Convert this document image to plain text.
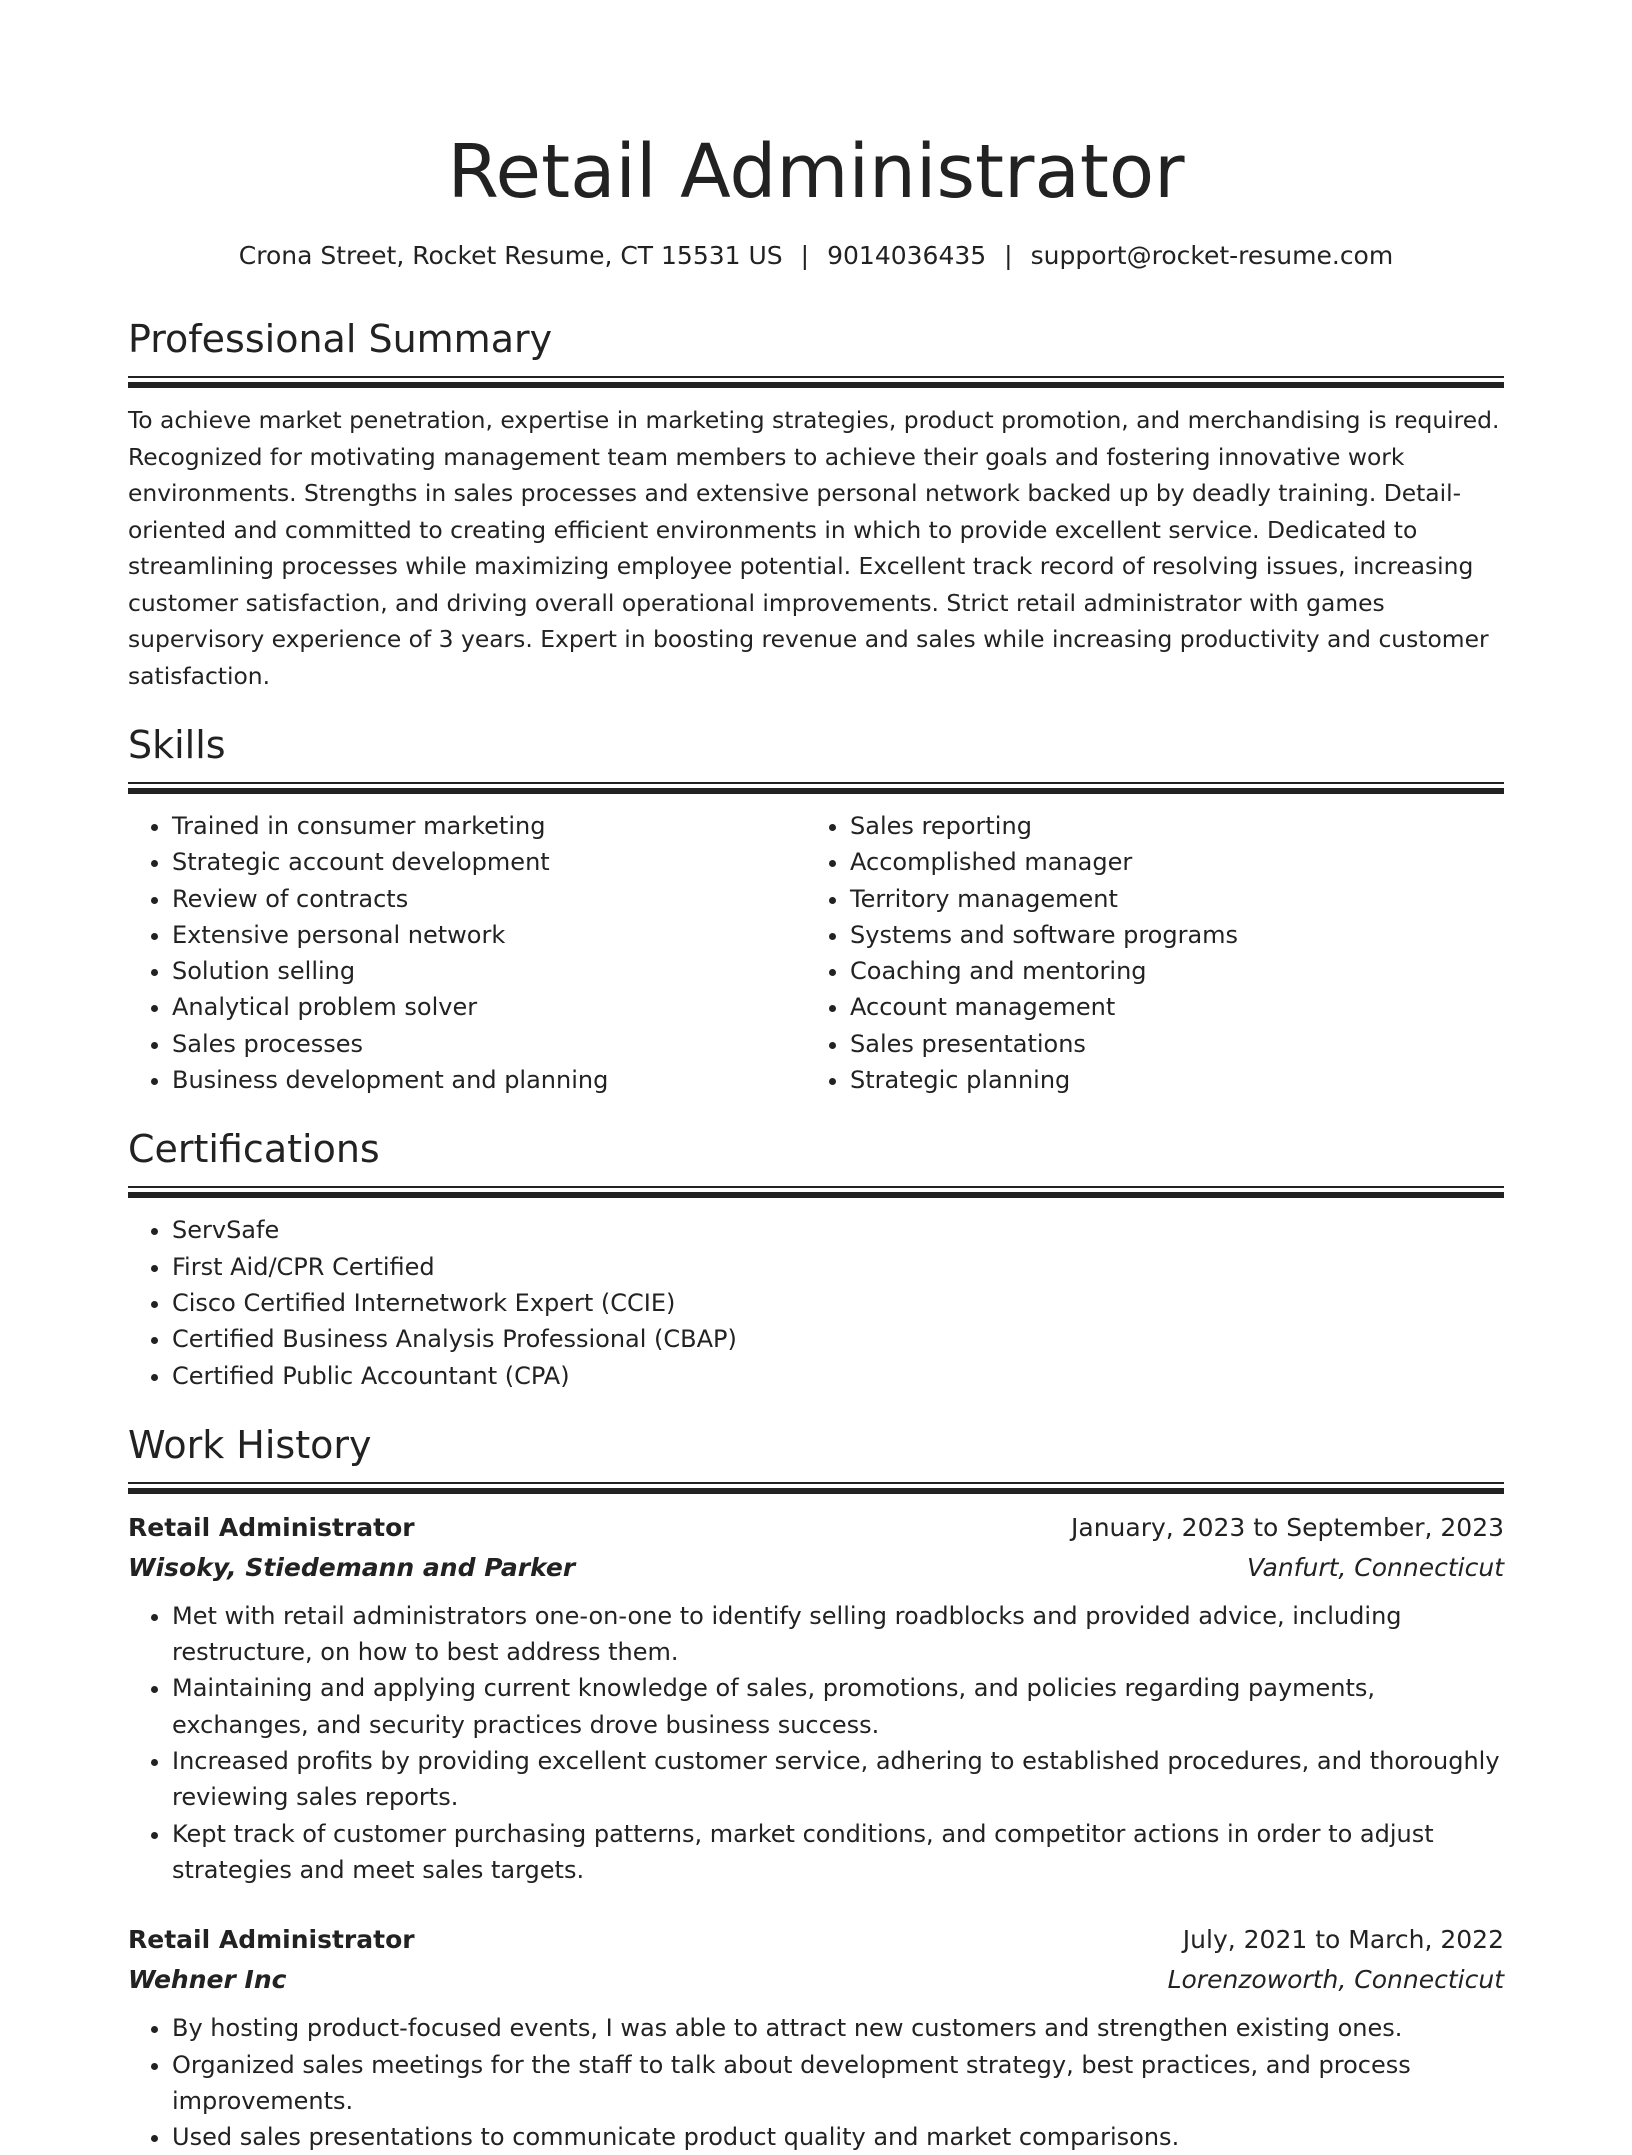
Retail Administrator
Crona Street, Rocket Resume, CT 15531 US | 9014036435 | support@rocket-resume.com
Professional Summary

To achieve market penetration, expertise in marketing strategies, product promotion, and merchandising is required. Recognized for motivating management team members to achieve their goals and fostering innovative work environments. Strengths in sales processes and extensive personal network backed up by deadly training. Detail-oriented and committed to creating efficient environments in which to provide excellent service. Dedicated to streamlining processes while maximizing employee potential. Excellent track record of resolving issues, increasing customer satisfaction, and driving overall operational improvements. Strict retail administrator with games supervisory experience of 3 years. Expert in boosting revenue and sales while increasing productivity and customer satisfaction.

Skills
• Trained in consumer marketing
• Strategic account development
• Review of contracts
• Extensive personal network
• Solution selling
• Analytical problem solver
• Sales processes
• Business development and planning
• Sales reporting
• Accomplished manager
• Territory management
• Systems and software programs
• Coaching and mentoring
• Account management
• Sales presentations
• Strategic planning
Certifications
• ServSafe
• First Aid/CPR Certified
• Cisco Certified Internetwork Expert (CCIE)
• Certified Business Analysis Professional (CBAP)
• Certified Public Accountant (CPA)
Work History
Retail Administrator	January, 2023 to September, 2023
Wisoky, Stiedemann and Parker	Vanfurt, Connecticut
• Met with retail administrators one-on-one to identify selling roadblocks and provided advice, including restructure, on how to best address them.
• Maintaining and applying current knowledge of sales, promotions, and policies regarding payments, exchanges, and security practices drove business success.
• Increased profits by providing excellent customer service, adhering to established procedures, and thoroughly reviewing sales reports.
• Kept track of customer purchasing patterns, market conditions, and competitor actions in order to adjust strategies and meet sales targets.
Retail Administrator	July, 2021 to March, 2022
Wehner Inc	Lorenzoworth, Connecticut
• By hosting product-focused events, I was able to attract new customers and strengthen existing ones.
• Organized sales meetings for the staff to talk about development strategy, best practices, and process improvements.
• Used sales presentations to communicate product quality and market comparisons.
